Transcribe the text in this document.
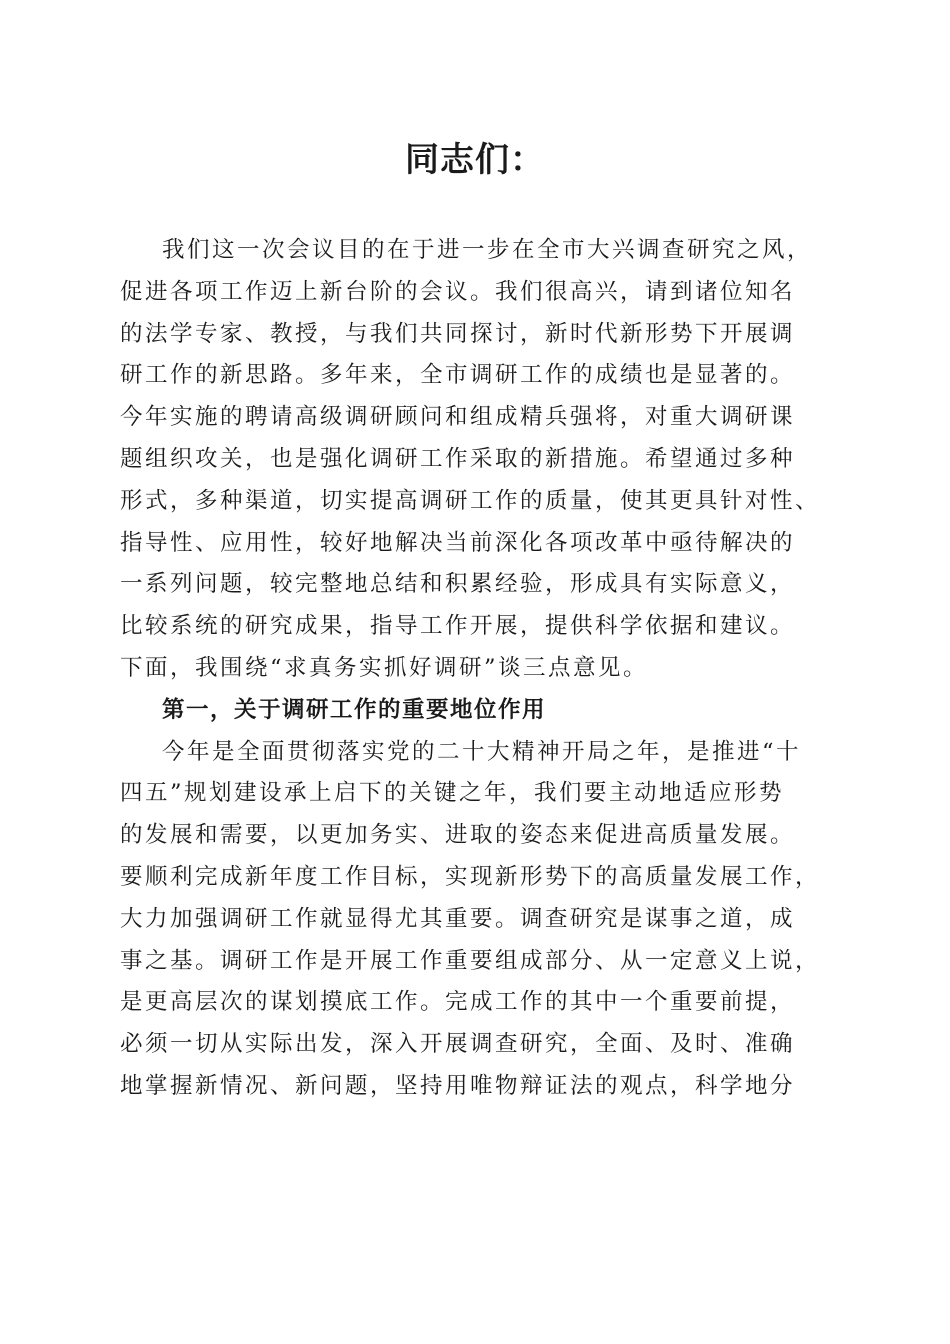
同志们：
我们这一次会议目的在于进一步在全市大兴调查研究之风，
促进各项工作迈上新台阶的会议。我们很高兴，请到诸位知名
的法学专家、教授，与我们共同探讨，新时代新形势下开展调
研工作的新思路。多年来，全市调研工作的成绩也是显著的。
今年实施的聘请高级调研顾问和组成精兵强将，对重大调研课
题组织攻关，也是强化调研工作采取的新措施。希望通过多种
形式，多种渠道，切实提高调研工作的质量，使其更具针对性、
指导性、应用性，较好地解决当前深化各项改革中亟待解决的
一系列问题，较完整地总结和积累经验，形成具有实际意义，
比较系统的研究成果，指导工作开展，提供科学依据和建议。
下面，我围绕“求真务实抓好调研”谈三点意见。
第一，关于调研工作的重要地位作用
今年是全面贯彻落实党的二十大精神开局之年，是推进“十
四五”规划建设承上启下的关键之年，我们要主动地适应形势
的发展和需要，以更加务实、进取的姿态来促进高质量发展。
要顺利完成新年度工作目标，实现新形势下的高质量发展工作，
大力加强调研工作就显得尤其重要。调查研究是谋事之道，成
事之基。调研工作是开展工作重要组成部分、从一定意义上说，
是更高层次的谋划摸底工作。完成工作的其中一个重要前提，
必须一切从实际出发，深入开展调查研究，全面、及时、准确
地掌握新情况、新问题，坚持用唯物辩证法的观点，科学地分
